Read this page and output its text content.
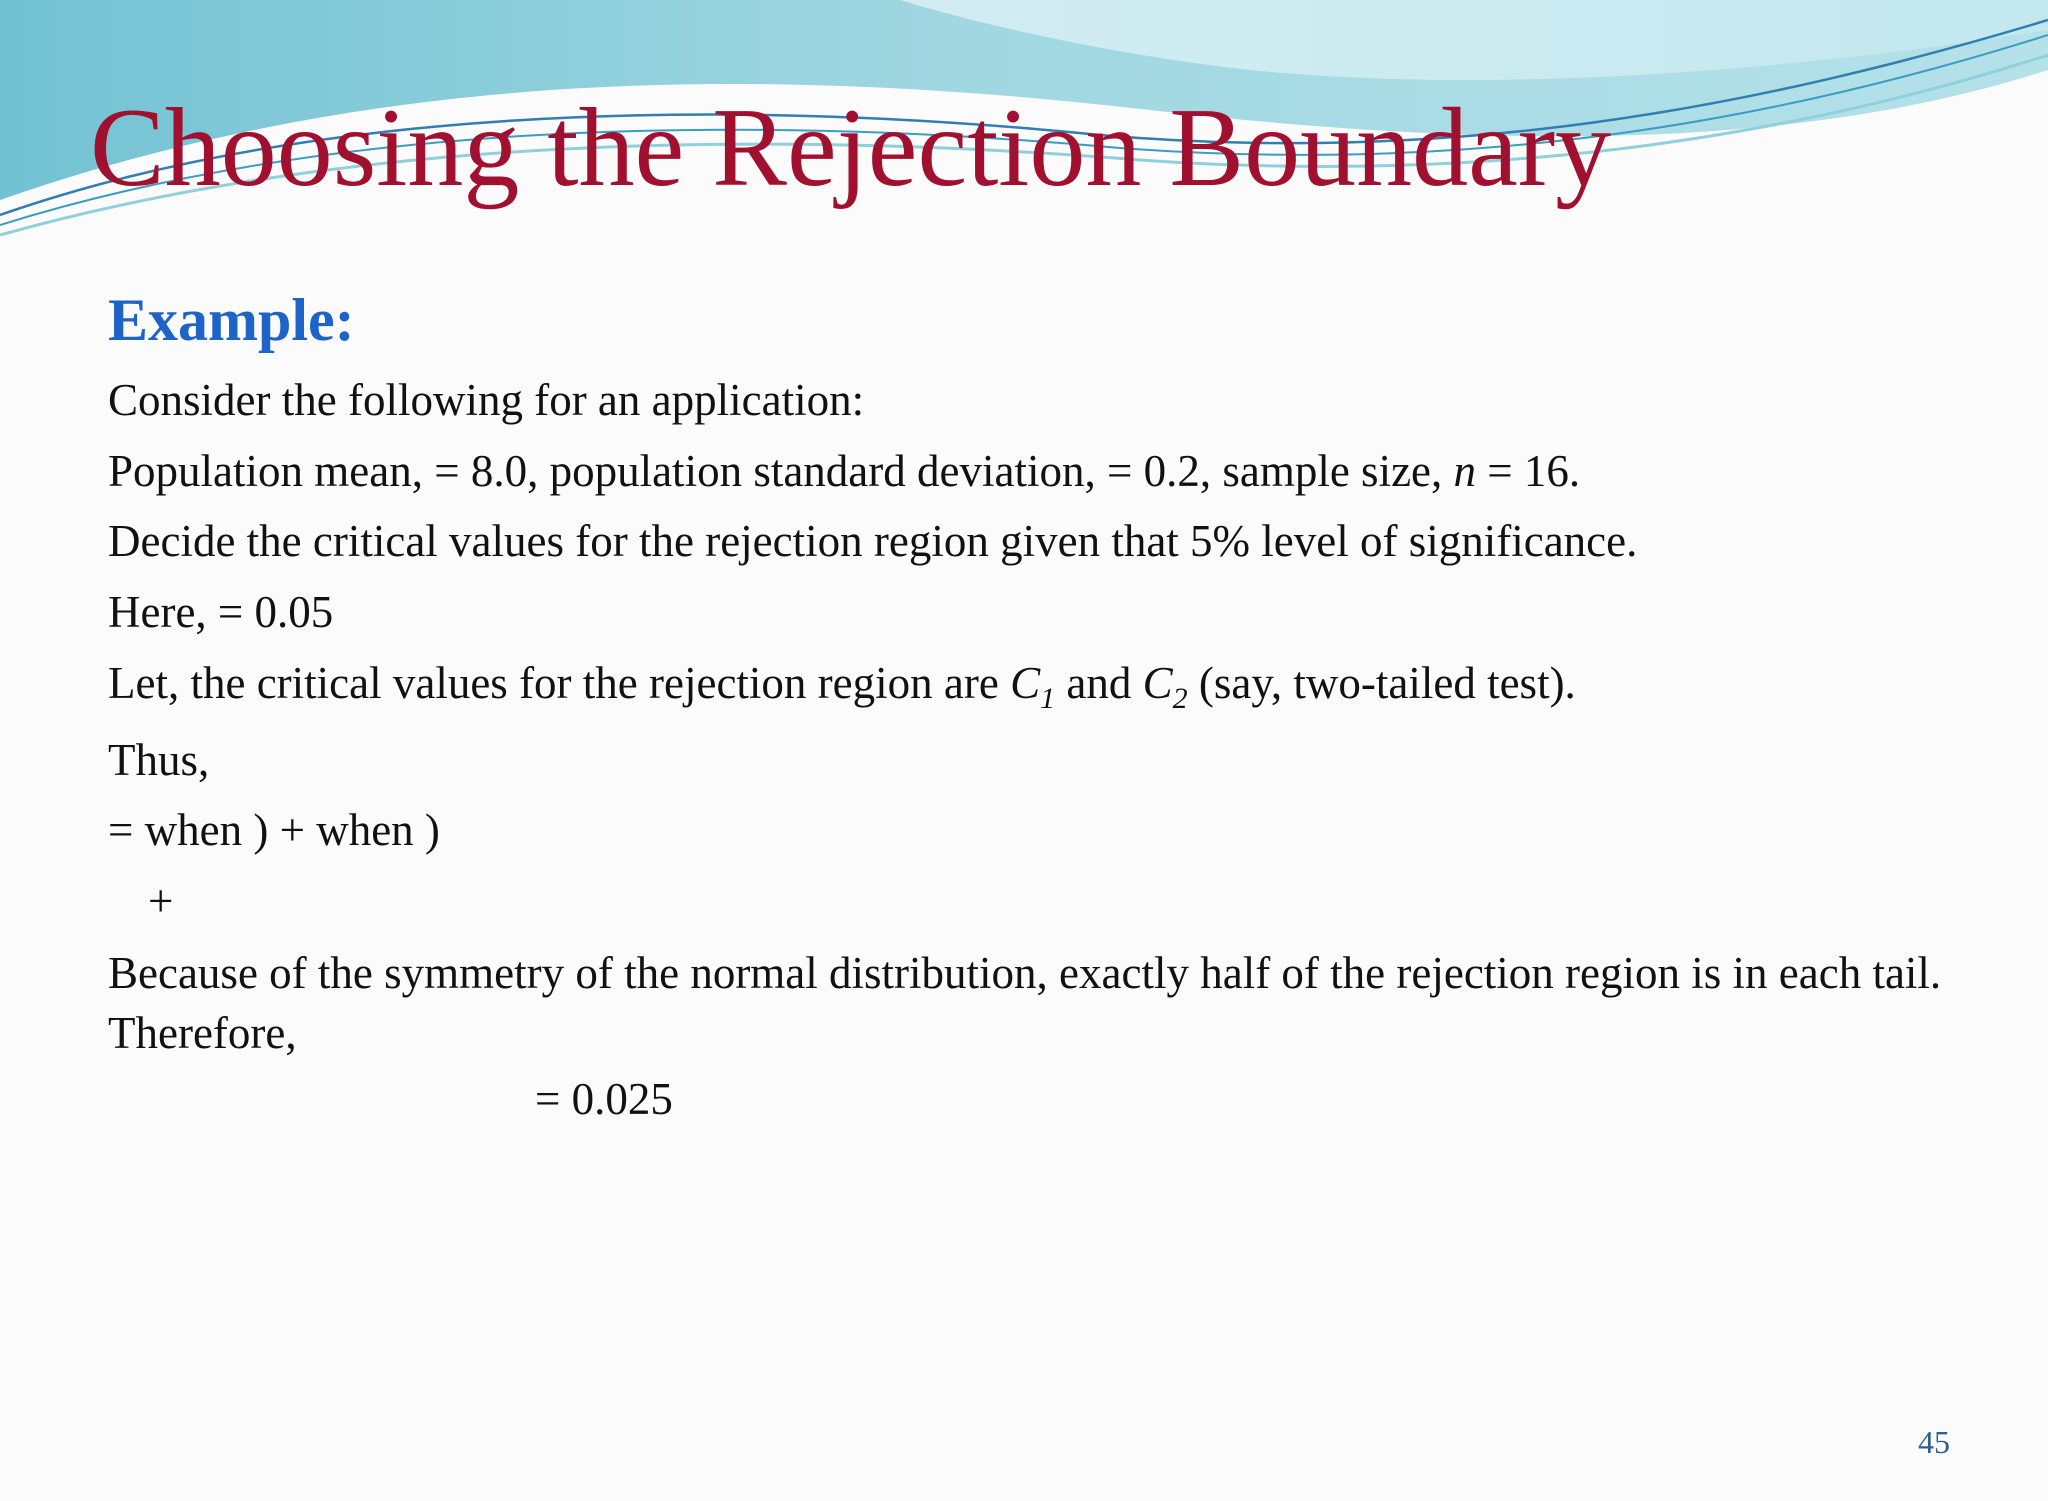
Choosing the Rejection Boundary
Example:
Consider the following for an application:
Population mean, = 8.0, population standard deviation, = 0.2, sample size, n = 16.
Decide the critical values for the rejection region given that 5% level of significance.
Here, = 0.05
Let, the critical values for the rejection region are $C_1$ and $C_2$ (say, two-tailed test).
Thus,
= when ) + when )
+
Because of the symmetry of the normal distribution, exactly half of the rejection region is in each tail. Therefore,
= 0.025
45
